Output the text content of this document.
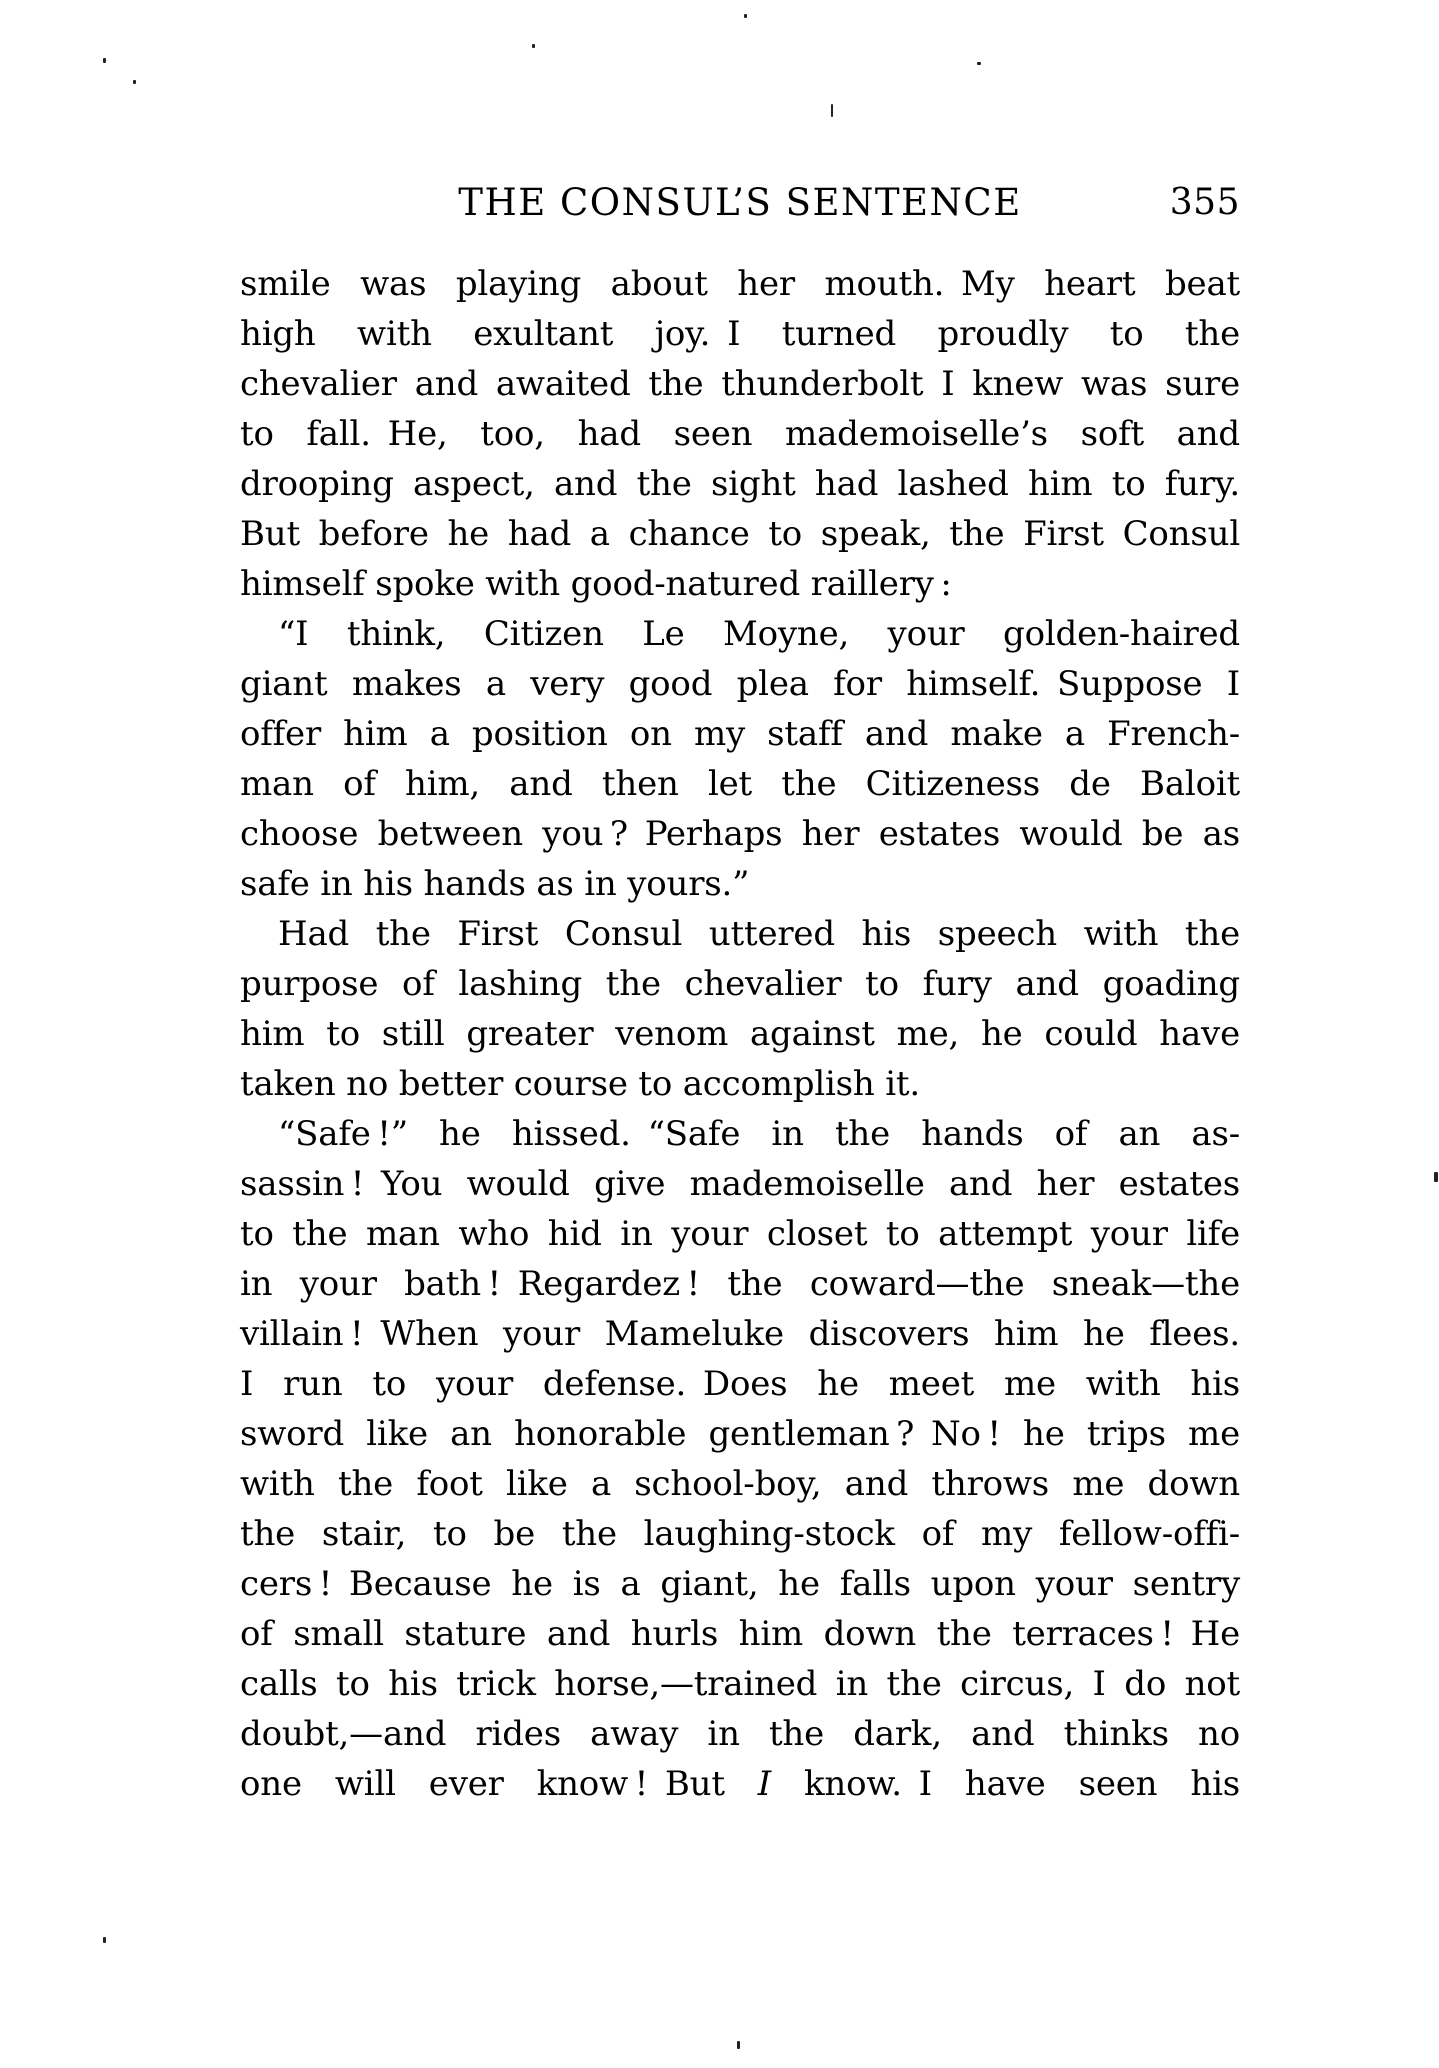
THE CONSUL’S SENTENCE	355
smile was playing about her mouth. My heart beat
high with exultant joy. I turned proudly to the
chevalier and awaited the thunderbolt I knew was sure
to fall. He, too, had seen mademoiselle’s soft and
drooping aspect, and the sight had lashed him to fury.
But before he had a chance to speak, the First Consul
himself spoke with good-natured raillery :
“I think, Citizen Le Moyne, your golden-haired
giant makes a very good plea for himself. Suppose I
offer him a position on my staff and make a French-
man of him, and then let the Citizeness de Baloit
choose between you ? Perhaps her estates would be as
safe in his hands as in yours.”
Had the First Consul uttered his speech with the
purpose of lashing the chevalier to fury and goading
him to still greater venom against me, he could have
taken no better course to accomplish it.
“Safe !” he hissed. “Safe in the hands of an as-
sassin ! You would give mademoiselle and her estates
to the man who hid in your closet to attempt your life
in your bath ! Regardez ! the coward—the sneak—the
villain ! When your Mameluke discovers him he flees.
I run to your defense. Does he meet me with his
sword like an honorable gentleman ? No ! he trips me
with the foot like a school-boy, and throws me down
the stair, to be the laughing-stock of my fellow-offi-
cers ! Because he is a giant, he falls upon your sentry
of small stature and hurls him down the terraces ! He
calls to his trick horse,—trained in the circus, I do not
doubt,—and rides away in the dark, and thinks no
one will ever know ! But I know. I have seen his
